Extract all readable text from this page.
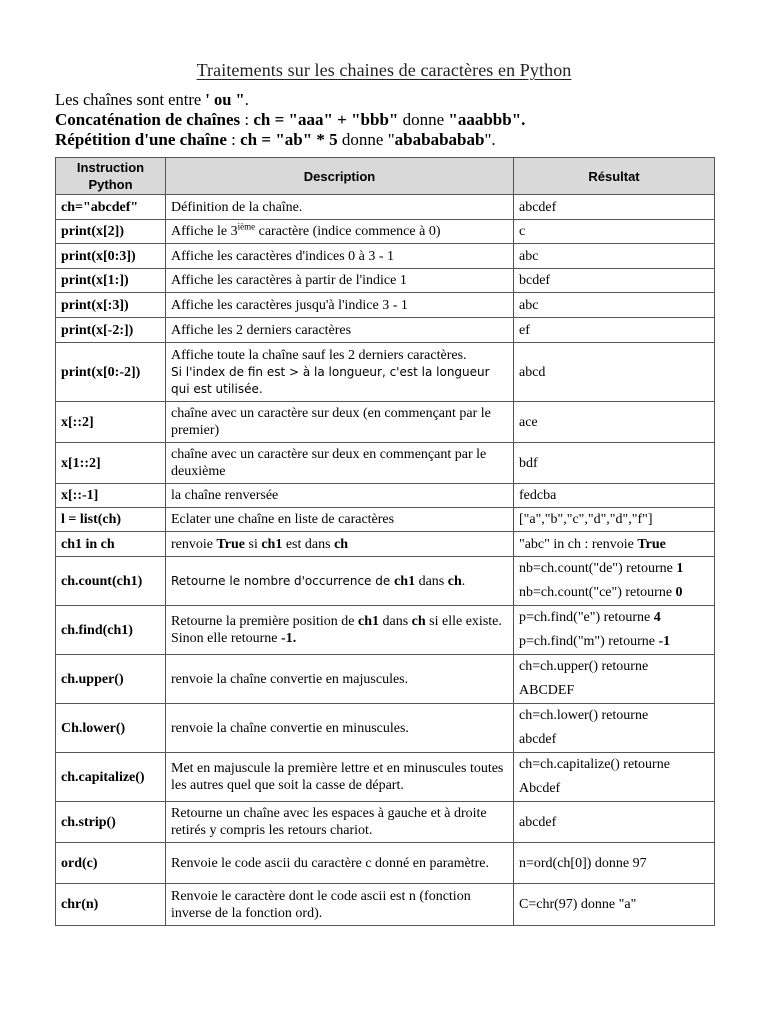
Traitements sur les chaines de caractères en Python
Les chaînes sont entre ' ou ".
Concaténation de chaînes : ch = "aaa" + "bbb" donne "aaabbb".
Répétition d'une chaîne : ch = "ab" * 5 donne "ababababab".
Instruction Python	Description	Résultat
ch="abcdef"	Définition de la chaîne.	abcdef
print(x[2])	Affiche le 3ième caractère (indice commence à 0)	c
print(x[0:3])	Affiche les caractères d'indices 0 à 3 - 1	abc
print(x[1:])	Affiche les caractères à partir de l'indice 1	bcdef
print(x[:3])	Affiche les caractères jusqu'à l'indice 3 - 1	abc
print(x[-2:])	Affiche les 2 derniers caractères	ef
print(x[0:-2])	Affiche toute la chaîne sauf les 2 derniers caractères.
Si l'index de fin est > à la longueur, c'est la longueur qui est utilisée.	abcd
x[::2]	chaîne avec un caractère sur deux (en commençant par le premier)	ace
x[1::2]	chaîne avec un caractère sur deux en commençant par le deuxième	bdf
x[::-1]	la chaîne renversée	fedcba
l = list(ch)	Eclater une chaîne en liste de caractères	["a","b","c","d","d","f"]
ch1 in ch	renvoie True si ch1 est dans ch	"abc" in ch : renvoie True
ch.count(ch1)	Retourne le nombre d'occurrence de ch1 dans ch.	nb=ch.count("de") retourne 1
nb=ch.count("ce") retourne 0

ch.find(ch1)	Retourne la première position de ch1 dans ch si elle existe. Sinon elle retourne -1.	p=ch.find("e") retourne 4
p=ch.find("m") retourne -1

ch.upper()	renvoie la chaîne convertie en majuscules.	ch=ch.upper() retourne
ABCDEF

Ch.lower()	renvoie la chaîne convertie en minuscules.	ch=ch.lower() retourne
abcdef

ch.capitalize()	Met en majuscule la première lettre et en minuscules toutes les autres quel que soit la casse de départ.	ch=ch.capitalize() retourne
Abcdef

ch.strip()	Retourne un chaîne avec les espaces à gauche et à droite retirés y compris les retours chariot.	abcdef
ord(c)	Renvoie le code ascii du caractère c donné en paramètre.	n=ord(ch[0]) donne 97
chr(n)	Renvoie le caractère dont le code ascii est n (fonction inverse de la fonction ord).	C=chr(97) donne "a"
